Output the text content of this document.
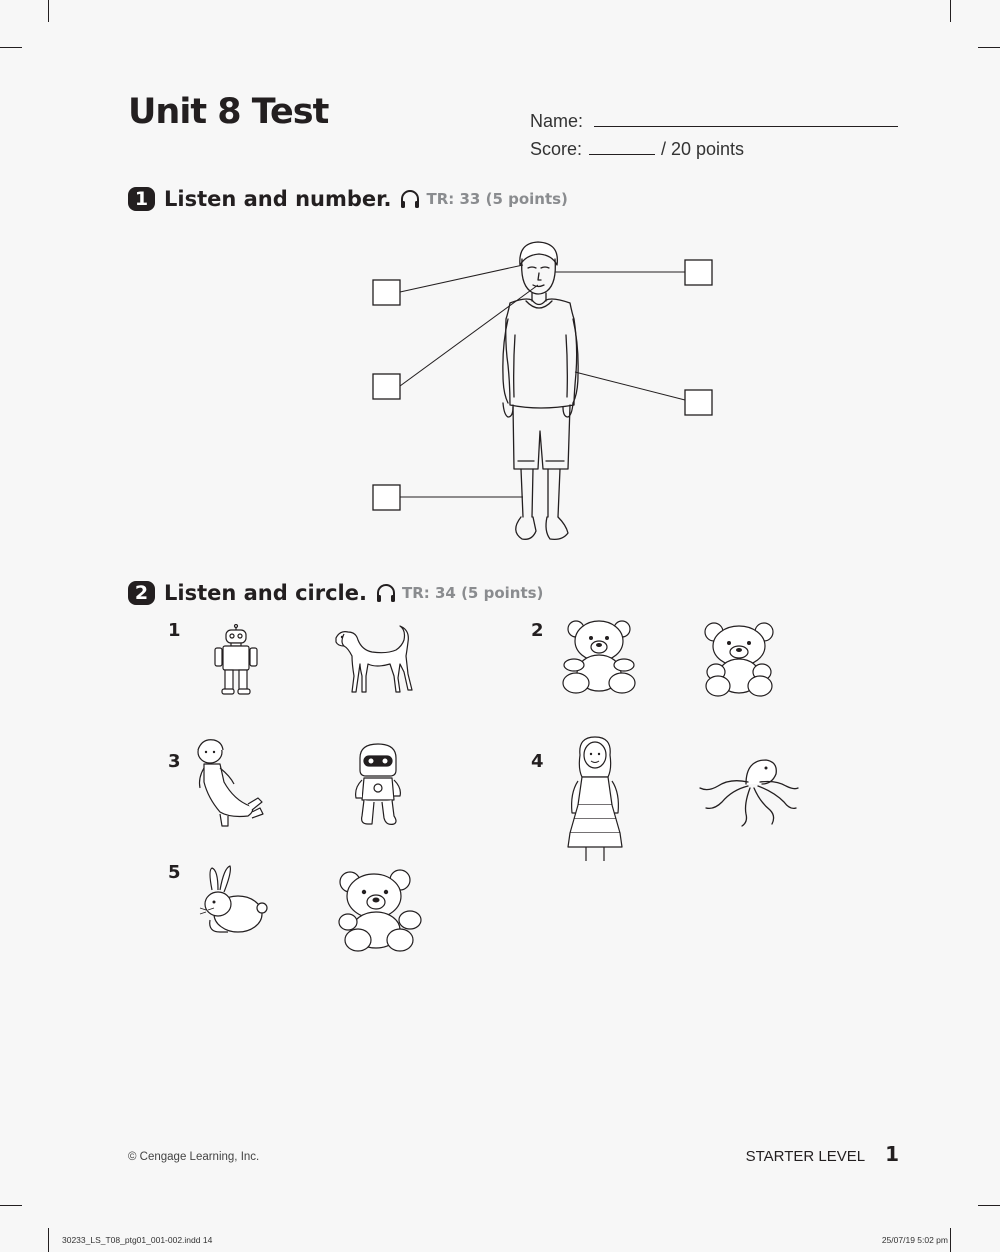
Unit 8 Test	Name:
Score:	/ 20 points
1 Listen and number. TR: 33 (5 points)
2 Listen and circle. TR: 34 (5 points)
1	2
3	4
5
© Cengage Learning, Inc.	STARTER LEVEL 1
30233_LS_T08_ptg01_001-002.indd 14	25/07/19 5:02 pm
